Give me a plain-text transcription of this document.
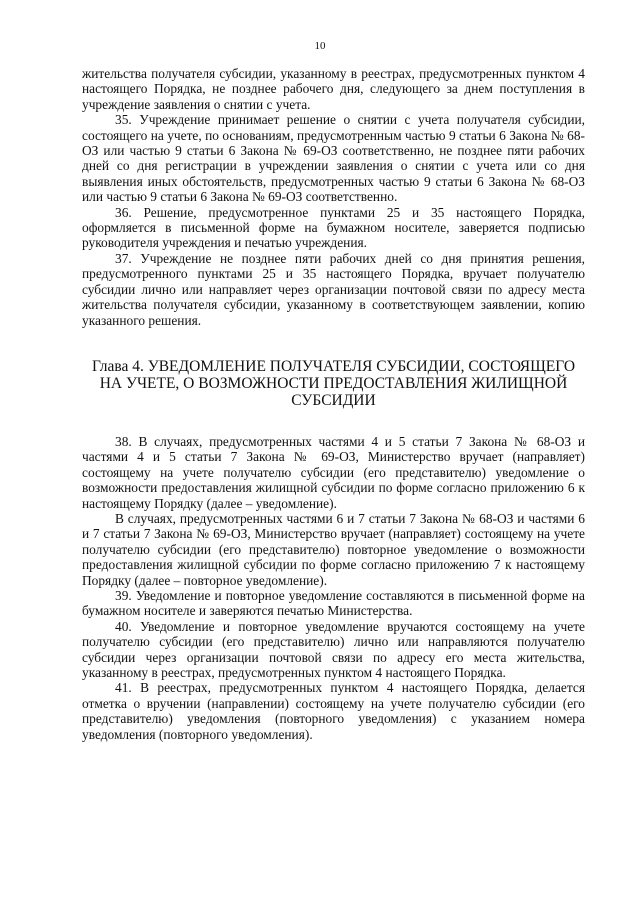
10

жительства получателя субсидии, указанному в реестрах, предусмотренных пунктом 4 настоящего Порядка, не позднее рабочего дня, следующего за днем поступления в учреждение заявления о снятии с учета.

35. Учреждение принимает решение о снятии с учета получателя субсидии, состоящего на учете, по основаниям, предусмотренным частью 9 статьи 6 Закона № 68-ОЗ или частью 9 статьи 6 Закона № 69-ОЗ соответственно, не позднее пяти рабочих дней со дня регистрации в учреждении заявления о снятии с учета или со дня выявления иных обстоятельств, предусмотренных частью 9 статьи 6 Закона № 68-ОЗ или частью 9 статьи 6 Закона № 69-ОЗ соответственно.

36. Решение, предусмотренное пунктами 25 и 35 настоящего Порядка, оформляется в письменной форме на бумажном носителе, заверяется подписью руководителя учреждения и печатью учреждения.

37. Учреждение не позднее пяти рабочих дней со дня принятия решения, предусмотренного пунктами 25 и 35 настоящего Порядка, вручает получателю субсидии лично или направляет через организации почтовой связи по адресу места жительства получателя субсидии, указанному в соответствующем заявлении, копию указанного решения.

Глава 4. УВЕДОМЛЕНИЕ ПОЛУЧАТЕЛЯ СУБСИДИИ, СОСТОЯЩЕГО НА УЧЕТЕ, О ВОЗМОЖНОСТИ ПРЕДОСТАВЛЕНИЯ ЖИЛИЩНОЙ СУБСИДИИ

38. В случаях, предусмотренных частями 4 и 5 статьи 7 Закона № 68-ОЗ и частями 4 и 5 статьи 7 Закона № 69-ОЗ, Министерство вручает (направляет) состоящему на учете получателю субсидии (его представителю) уведомление о возможности предоставления жилищной субсидии по форме согласно приложению 6 к настоящему Порядку (далее – уведомление).

В случаях, предусмотренных частями 6 и 7 статьи 7 Закона № 68-ОЗ и частями 6 и 7 статьи 7 Закона № 69-ОЗ, Министерство вручает (направляет) состоящему на учете получателю субсидии (его представителю) повторное уведомление о возможности предоставления жилищной субсидии по форме согласно приложению 7 к настоящему Порядку (далее – повторное уведомление).

39. Уведомление и повторное уведомление составляются в письменной форме на бумажном носителе и заверяются печатью Министерства.

40. Уведомление и повторное уведомление вручаются состоящему на учете получателю субсидии (его представителю) лично или направляются получателю субсидии через организации почтовой связи по адресу его места жительства, указанному в реестрах, предусмотренных пунктом 4 настоящего Порядка.

41. В реестрах, предусмотренных пунктом 4 настоящего Порядка, делается отметка о вручении (направлении) состоящему на учете получателю субсидии (его представителю) уведомления (повторного уведомления) с указанием номера уведомления (повторного уведомления).
